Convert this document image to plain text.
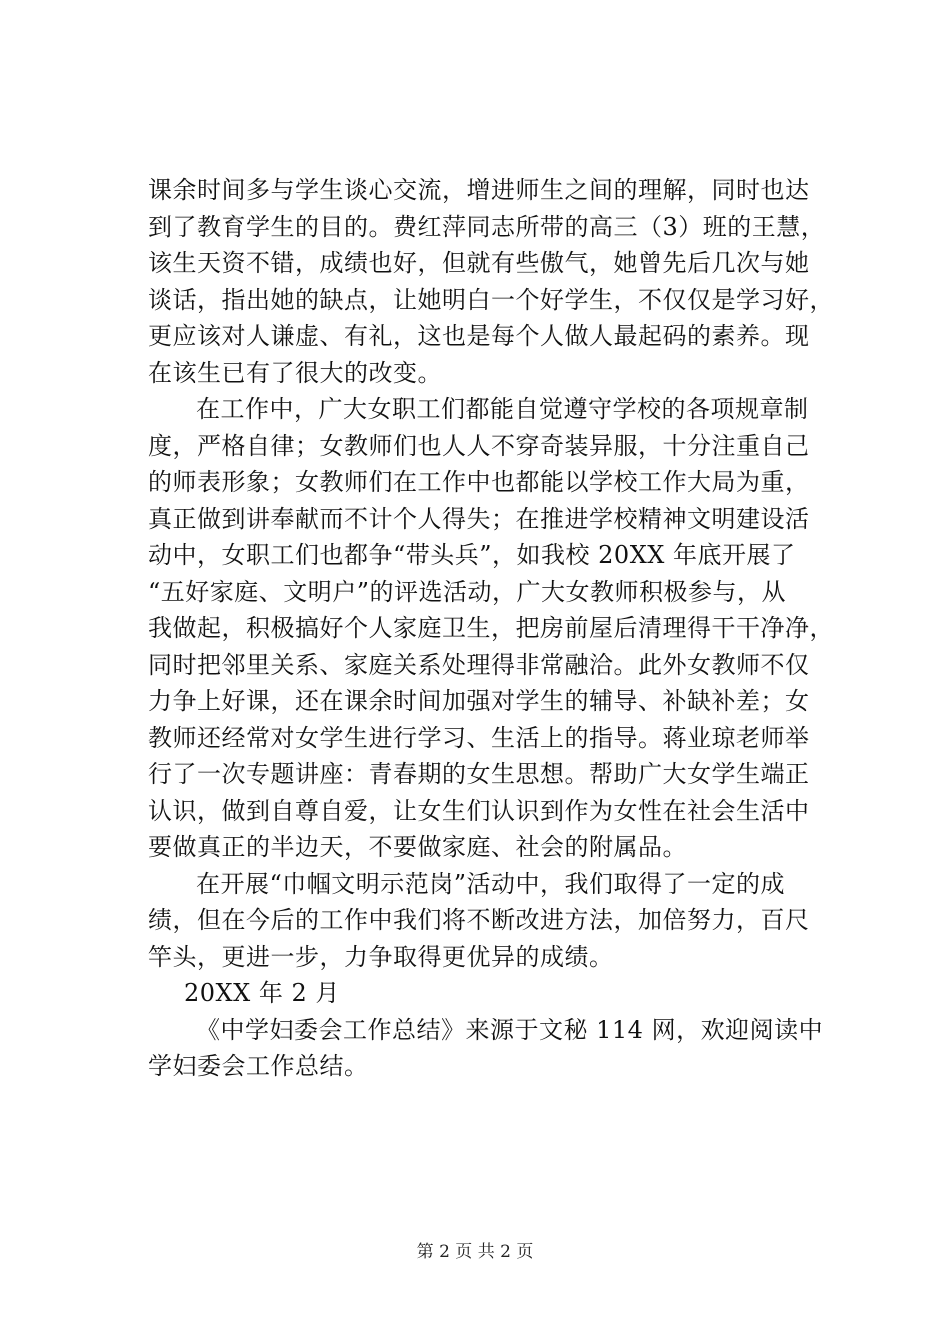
课余时间多与学生谈心交流，增进师生之间的理解，同时也达
到了教育学生的目的。费红萍同志所带的高三（3）班的王慧，
该生天资不错，成绩也好，但就有些傲气，她曾先后几次与她
谈话，指出她的缺点，让她明白一个好学生，不仅仅是学习好，
更应该对人谦虚、有礼，这也是每个人做人最起码的素养。现
在该生已有了很大的改变。
在工作中，广大女职工们都能自觉遵守学校的各项规章制
度，严格自律；女教师们也人人不穿奇装异服，十分注重自己
的师表形象；女教师们在工作中也都能以学校工作大局为重，
真正做到讲奉献而不计个人得失；在推进学校精神文明建设活
动中，女职工们也都争“带头兵”，如我校 20XX 年底开展了
“五好家庭、文明户”的评选活动，广大女教师积极参与，从
我做起，积极搞好个人家庭卫生，把房前屋后清理得干干净净，
同时把邻里关系、家庭关系处理得非常融洽。此外女教师不仅
力争上好课，还在课余时间加强对学生的辅导、补缺补差；女
教师还经常对女学生进行学习、生活上的指导。蒋业琼老师举
行了一次专题讲座：青春期的女生思想。帮助广大女学生端正
认识，做到自尊自爱，让女生们认识到作为女性在社会生活中
要做真正的半边天，不要做家庭、社会的附属品。
在开展“巾帼文明示范岗”活动中，我们取得了一定的成
绩，但在今后的工作中我们将不断改进方法，加倍努力，百尺
竿头，更进一步，力争取得更优异的成绩。
20XX 年 2 月
《中学妇委会工作总结》来源于文秘 114 网，欢迎阅读中
学妇委会工作总结。
第 2 页 共 2 页
